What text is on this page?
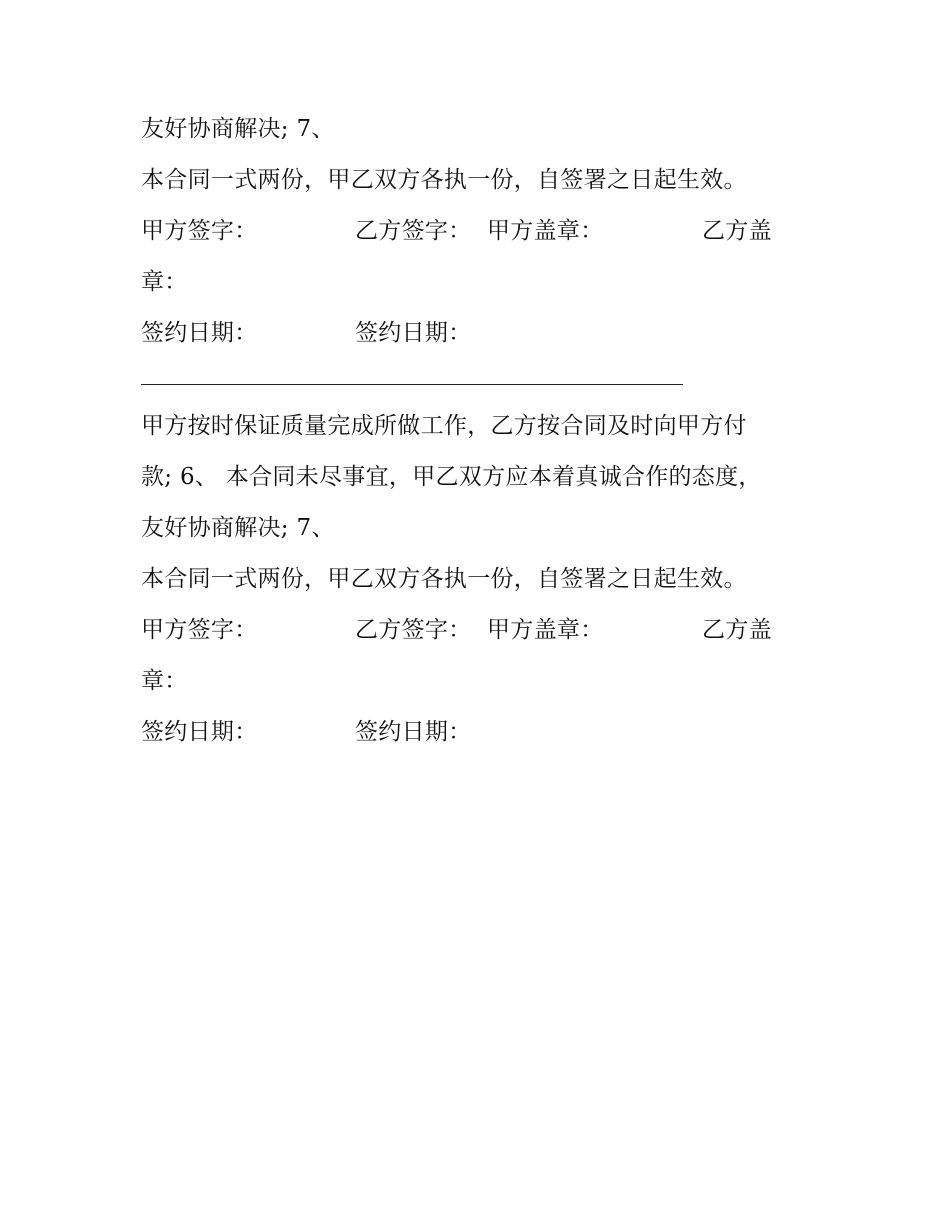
友好协商解决; 7、
本合同一式两份，甲乙双方各执一份，自签署之日起生效。
甲方签字：	乙方签字： 甲方盖章：	乙方盖
章：
签约日期：	签约日期：
甲方按时保证质量完成所做工作，乙方按合同及时向甲方付
款; 6、 本合同未尽事宜，甲乙双方应本着真诚合作的态度，
友好协商解决; 7、
本合同一式两份，甲乙双方各执一份，自签署之日起生效。
甲方签字：	乙方签字： 甲方盖章：	乙方盖
章：
签约日期：	签约日期：
